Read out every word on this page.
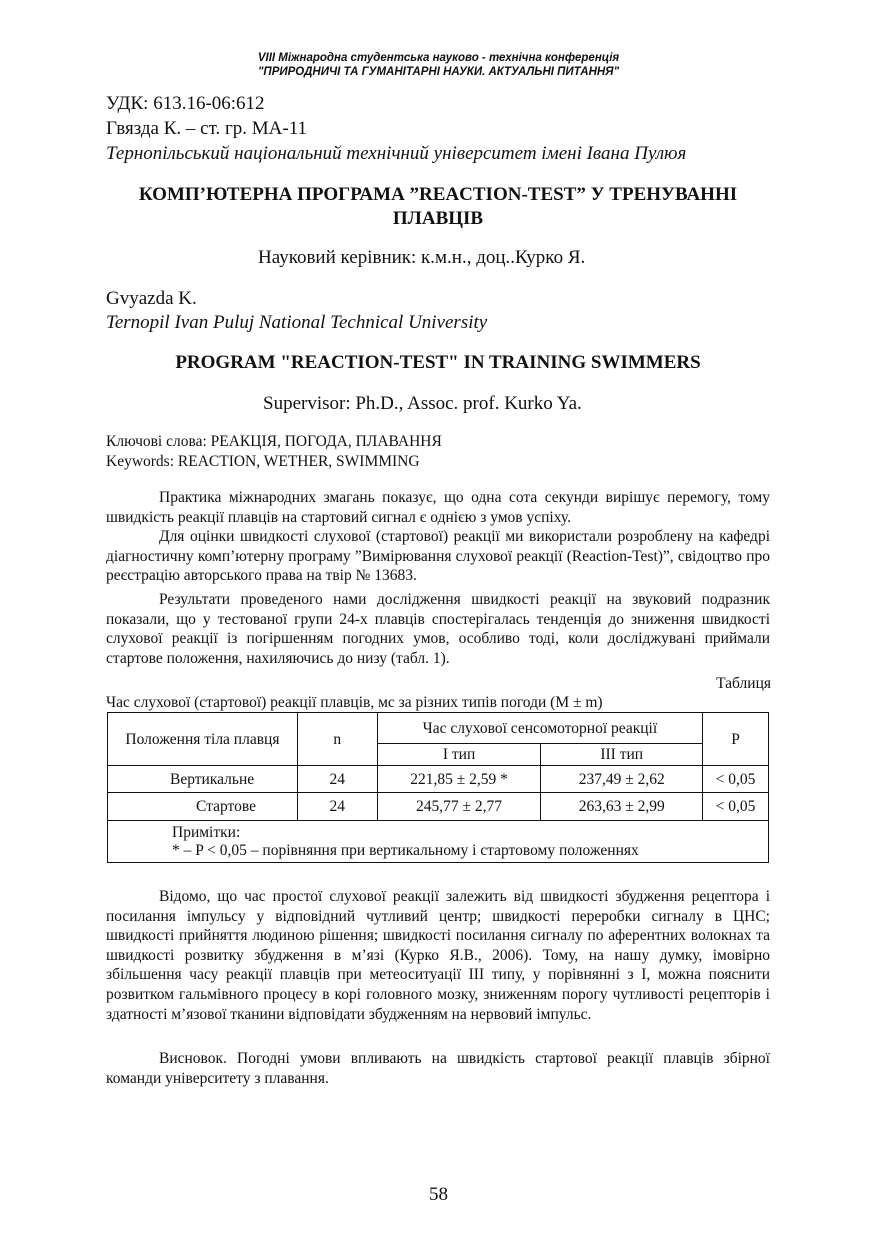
VIII Міжнародна студентська науково - технічна конференція
"ПРИРОДНИЧІ ТА ГУМАНІТАРНІ НАУКИ. АКТУАЛЬНІ ПИТАННЯ"
УДК: 613.16-06:612
Гвязда К. – ст. гр. МА-11
Тернопільський національний технічний університет імені Івана Пулюя
КОМП’ЮТЕРНА ПРОГРАМА ”REACTION-TEST” У ТРЕНУВАННІ
ПЛАВЦІВ
Науковий керівник: к.м.н., доц..Курко Я.
Gvyazda K.
Ternopil Ivan Puluj National Technical University
PROGRAM "REACTION-TEST" IN TRAINING SWIMMERS
Supervisor: Ph.D., Assoc. prof. Kurko Ya.
Ключові слова: РЕАКЦІЯ, ПОГОДА, ПЛАВАННЯ
Keywords: REACTION, WETHER, SWIMMING

Практика міжнародних змагань показує, що одна сота секунди вирішує перемогу, тому швидкість реакції плавців на стартовий сигнал є однією з умов успіху.

Для оцінки швидкості слухової (стартової) реакції ми використали розроблену на кафедрі діагностичну комп’ютерну програму ”Вимірювання слухової реакції (Reaction-Test)”, свідоцтво про реєстрацію авторського права на твір № 13683.

Результати проведеного нами дослідження швидкості реакції на звуковий подразник показали, що у тестованої групи 24-х плавців спостерігалась тенденція до зниження швидкості слухової реакції із погіршенням погодних умов, особливо тоді, коли досліджувані приймали стартове положення, нахиляючись до низу (табл. 1).

Таблиця
Час слухової (стартової) реакції плавців, мс за різних типів погоди (M ± m)
Положення тіла плавця	n	Час слухової сенсомоторної реакції		P
		І тип	ІІІ тип	
Вертикальне	24	221,85 ± 2,59 *	237,49 ± 2,62	< 0,05
Стартове	24	245,77 ± 2,77	263,63 ± 2,99	< 0,05

Примітки:
* – P < 0,05 – порівняння при вертикальному і стартовому положеннях				

Відомо, що час простої слухової реакції залежить від швидкості збудження рецептора і посилання імпульсу у відповідний чутливий центр; швидкості переробки сигналу в ЦНС; швидкості прийняття людиною рішення; швидкості посилання сигналу по аферентних волокнах та швидкості розвитку збудження в м’язі (Курко Я.В., 2006). Тому, на нашу думку, імовірно збільшення часу реакції плавців при метеоситуації ІІІ типу, у порівнянні з І, можна пояснити розвитком гальмівного процесу в корі головного мозку, зниженням порогу чутливості рецепторів і здатності м’язової тканини відповідати збудженням на нервовий імпульс.

Висновок. Погодні умови впливають на швидкість стартової реакції плавців збірної команди університету з плавання.

58
